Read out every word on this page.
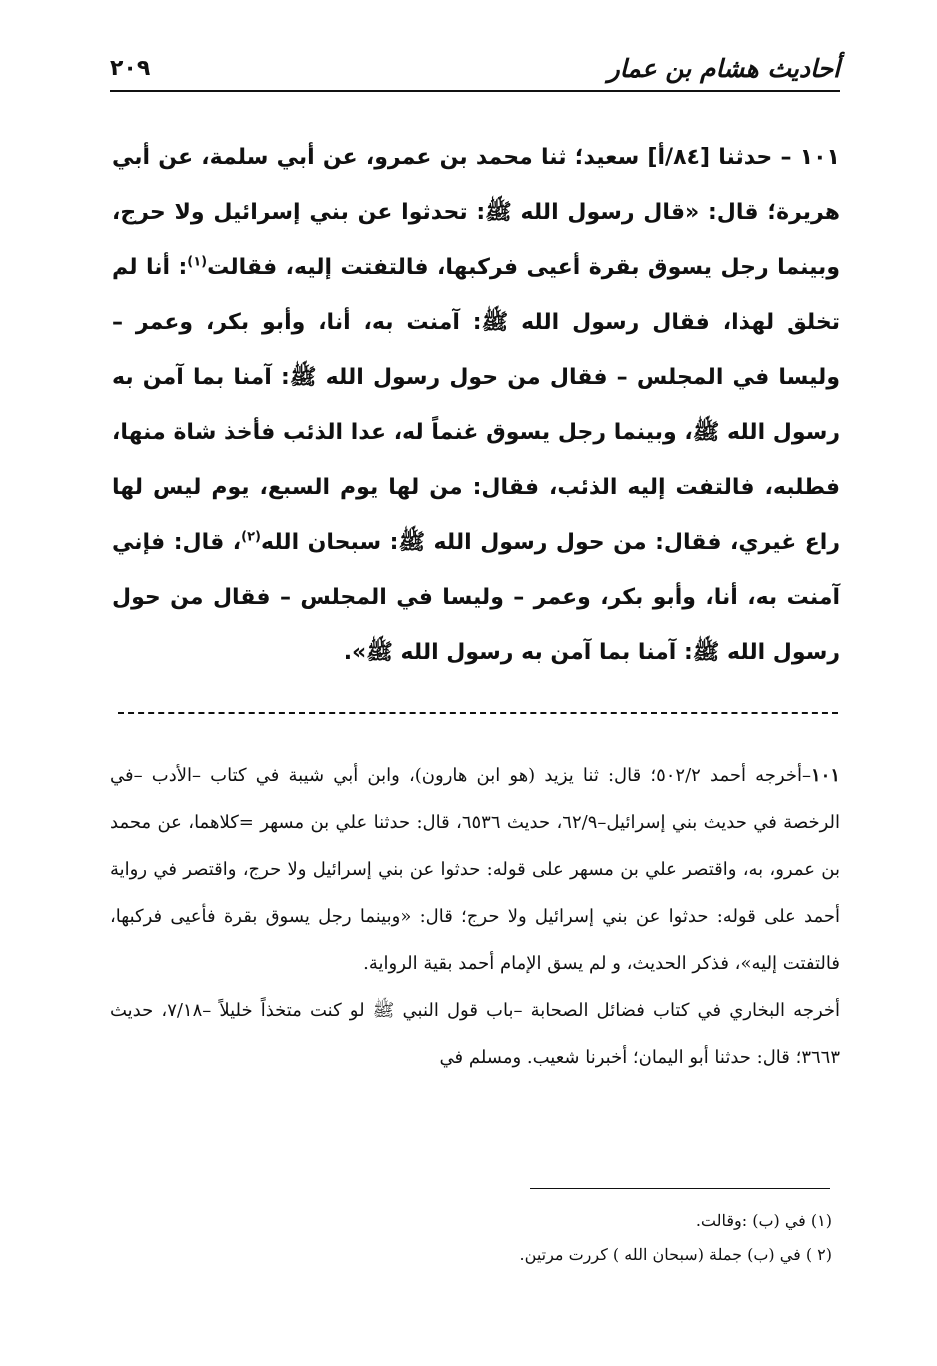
أحاديث هشام بن عمار
٢٠٩
١٠١ – حدثنا [٨٤/أ] سعيد؛ ثنا محمد بن عمرو، عن أبي سلمة، عن أبي هريرة؛ قال: «قال رسول الله ﷺ: تحدثوا عن بني إسرائيل ولا حرج، وبينما رجل يسوق بقرة أعيى فركبها، فالتفتت إليه، فقالت$^{(١)}$: أنا لم تخلق لهذا، فقال رسول الله ﷺ: آمنت به، أنا، وأبو بكر، وعمر – وليسا في المجلس – فقال من حول رسول الله ﷺ: آمنا بما آمن به رسول الله ﷺ، وبينما رجل يسوق غنماً له، عدا الذئب فأخذ شاة منها، فطلبه، فالتفت إليه الذئب، فقال: من لها يوم السبع، يوم ليس لها راع غيري، فقال: من حول رسول الله ﷺ: سبحان الله$^{(٢)}$، قال: فإني آمنت به، أنا، وأبو بكر، وعمر – وليسا في المجلس – فقال من حول رسول الله ﷺ: آمنا بما آمن به رسول الله ﷺ».

١٠١–أخرجه أحمد ٥٠٢/٢؛ قال: ثنا يزيد (هو ابن هارون)، وابن أبي شيبة في كتاب –الأدب –في الرخصة في حديث بني إسرائيل–٦٢/٩، حديث ٦٥٣٦، قال: حدثنا علي بن مسهر =كلاهما، عن محمد بن عمرو، به، واقتصر علي بن مسهر على قوله: حدثوا عن بني إسرائيل ولا حرج، واقتصر في رواية أحمد على قوله: حدثوا عن بني إسرائيل ولا حرج؛ قال: «وبينما رجل يسوق بقرة فأعيى فركبها، فالتفتت إليه»، فذكر الحديث، و لم يسق الإمام أحمد بقية الرواية.

أخرجه البخاري في كتاب فضائل الصحابة –باب قول النبي ﷺ لو كنت متخذاً خليلاً –٧/١٨، حديث ٣٦٦٣؛ قال: حدثنا أبو اليمان؛ أخبرنا شعيب. ومسلم في

(١) في (ب) :وقالت.

(٢ ) في (ب) جملة (سبحان الله ) كررت مرتين.
